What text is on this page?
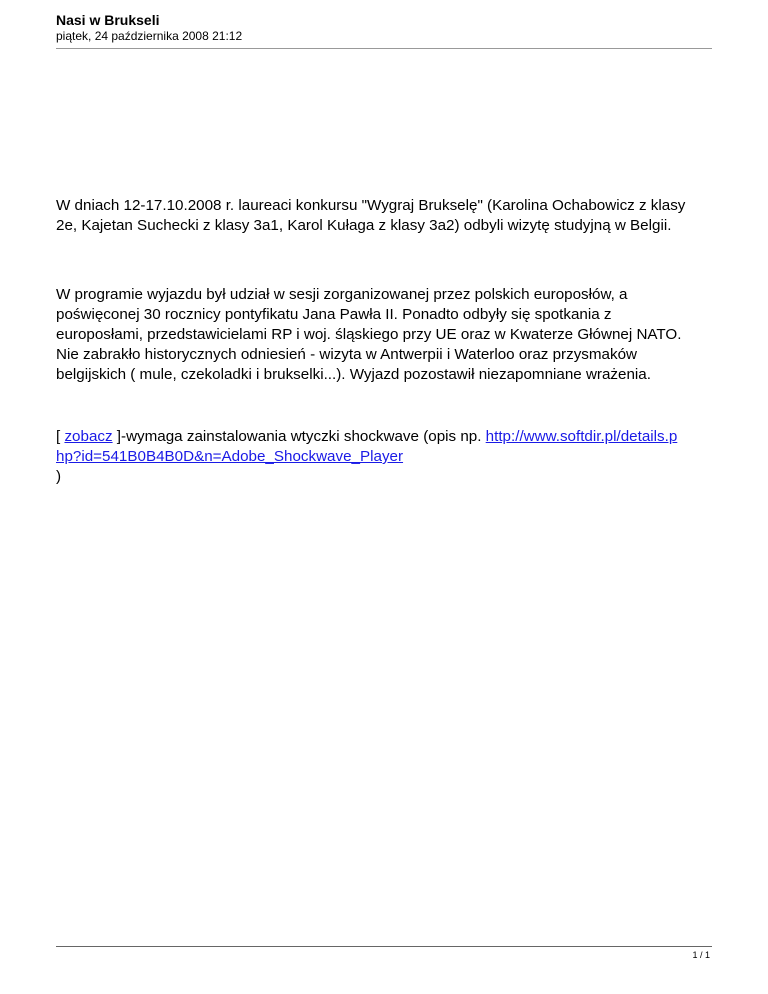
Nasi w Brukseli
piątek, 24 października 2008 21:12

W dniach 12-17.10.2008 r. laureaci konkursu "Wygraj Brukselę" (Karolina Ochabowicz z klasy
2e, Kajetan Suchecki z klasy 3a1, Karol Kułaga z klasy 3a2) odbyli wizytę studyjną w Belgii.

W programie wyjazdu był udział w sesji zorganizowanej przez polskich europosłów, a
poświęconej 30 rocznicy pontyfikatu Jana Pawła II. Ponadto odbyły się spotkania z
europosłami, przedstawicielami RP i woj. śląskiego przy UE oraz w Kwaterze Głównej NATO.
Nie zabrakło historycznych odniesień - wizyta w Antwerpii i Waterloo oraz przysmaków
belgijskich ( mule, czekoladki i brukselki...). Wyjazd pozostawił niezapomniane wrażenia.

[ zobacz ]-wymaga zainstalowania wtyczki shockwave (opis np. http://www.softdir.pl/details.p
hp?id=541B0B4B0D&n=Adobe_Shockwave_Player
)

1 / 1
